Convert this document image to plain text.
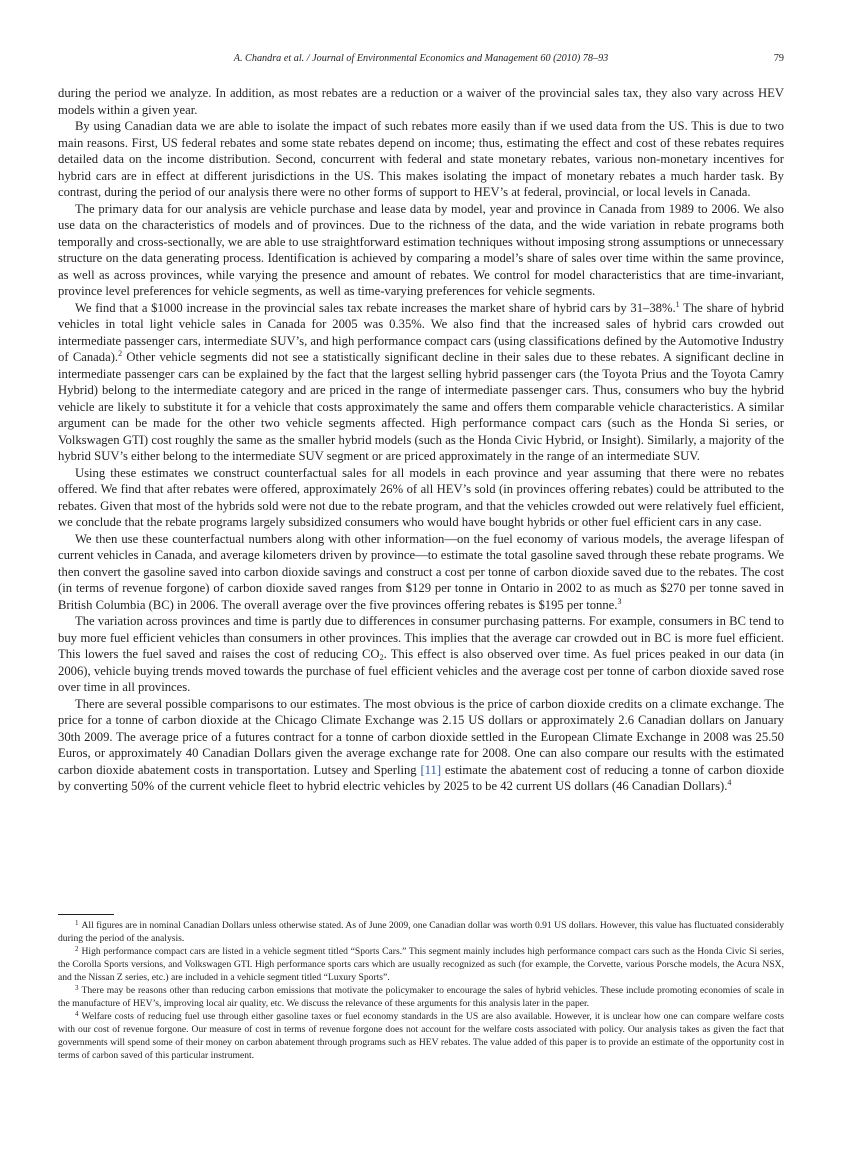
A. Chandra et al. / Journal of Environmental Economics and Management 60 (2010) 78–93	79

during the period we analyze. In addition, as most rebates are a reduction or a waiver of the provincial sales tax, they also vary across HEV models within a given year.

By using Canadian data we are able to isolate the impact of such rebates more easily than if we used data from the US. This is due to two main reasons. First, US federal rebates and some state rebates depend on income; thus, estimating the effect and cost of these rebates requires detailed data on the income distribution. Second, concurrent with federal and state monetary rebates, various non-monetary incentives for hybrid cars are in effect at different jurisdictions in the US. This makes isolating the impact of monetary rebates a much harder task. By contrast, during the period of our analysis there were no other forms of support to HEV’s at federal, provincial, or local levels in Canada.

The primary data for our analysis are vehicle purchase and lease data by model, year and province in Canada from 1989 to 2006. We also use data on the characteristics of models and of provinces. Due to the richness of the data, and the wide variation in rebate programs both temporally and cross-sectionally, we are able to use straightforward estimation techniques without imposing strong assumptions or unnecessary structure on the data generating process. Identification is achieved by comparing a model’s share of sales over time within the same province, as well as across provinces, while varying the presence and amount of rebates. We control for model characteristics that are time-invariant, province level preferences for vehicle segments, as well as time-varying preferences for vehicle segments.

We find that a $1000 increase in the provincial sales tax rebate increases the market share of hybrid cars by 31–38%.$^1$ The share of hybrid vehicles in total light vehicle sales in Canada for 2005 was 0.35%. We also find that the increased sales of hybrid cars crowded out intermediate passenger cars, intermediate SUV’s, and high performance compact cars (using classifications defined by the Automotive Industry of Canada).$^2$ Other vehicle segments did not see a statistically significant decline in their sales due to these rebates. A significant decline in intermediate passenger cars can be explained by the fact that the largest selling hybrid passenger cars (the Toyota Prius and the Toyota Camry Hybrid) belong to the intermediate category and are priced in the range of intermediate passenger cars. Thus, consumers who buy the hybrid vehicle are likely to substitute it for a vehicle that costs approximately the same and offers them comparable vehicle characteristics. A similar argument can be made for the other two vehicle segments affected. High performance compact cars (such as the Honda Si series, or Volkswagen GTI) cost roughly the same as the smaller hybrid models (such as the Honda Civic Hybrid, or Insight). Similarly, a majority of the hybrid SUV’s either belong to the intermediate SUV segment or are priced approximately in the range of an intermediate SUV.

Using these estimates we construct counterfactual sales for all models in each province and year assuming that there were no rebates offered. We find that after rebates were offered, approximately 26% of all HEV’s sold (in provinces offering rebates) could be attributed to the rebates. Given that most of the hybrids sold were not due to the rebate program, and that the vehicles crowded out were relatively fuel efficient, we conclude that the rebate programs largely subsidized consumers who would have bought hybrids or other fuel efficient cars in any case.

We then use these counterfactual numbers along with other information—on the fuel economy of various models, the average lifespan of current vehicles in Canada, and average kilometers driven by province—to estimate the total gasoline saved through these rebate programs. We then convert the gasoline saved into carbon dioxide savings and construct a cost per tonne of carbon dioxide saved due to the rebates. The cost (in terms of revenue forgone) of carbon dioxide saved ranges from $129 per tonne in Ontario in 2002 to as much as $270 per tonne saved in British Columbia (BC) in 2006. The overall average over the five provinces offering rebates is $195 per tonne.$^3$

The variation across provinces and time is partly due to differences in consumer purchasing patterns. For example, consumers in BC tend to buy more fuel efficient vehicles than consumers in other provinces. This implies that the average car crowded out in BC is more fuel efficient. This lowers the fuel saved and raises the cost of reducing $CO_2$. This effect is also observed over time. As fuel prices peaked in our data (in 2006), vehicle buying trends moved towards the purchase of fuel efficient vehicles and the average cost per tonne of carbon dioxide saved rose over time in all provinces.

There are several possible comparisons to our estimates. The most obvious is the price of carbon dioxide credits on a climate exchange. The price for a tonne of carbon dioxide at the Chicago Climate Exchange was 2.15 US dollars or approximately 2.6 Canadian dollars on January 30th 2009. The average price of a futures contract for a tonne of carbon dioxide settled in the European Climate Exchange in 2008 was 25.50 Euros, or approximately 40 Canadian Dollars given the average exchange rate for 2008. One can also compare our results with the estimated carbon dioxide abatement costs in transportation. Lutsey and Sperling [11] estimate the abatement cost of reducing a tonne of carbon dioxide by converting 50% of the current vehicle fleet to hybrid electric vehicles by 2025 to be 42 current US dollars (46 Canadian Dollars).$^4$

$^1$ All figures are in nominal Canadian Dollars unless otherwise stated. As of June 2009, one Canadian dollar was worth 0.91 US dollars. However, this value has fluctuated considerably during the period of the analysis.

$^2$ High performance compact cars are listed in a vehicle segment titled “Sports Cars.” This segment mainly includes high performance compact cars such as the Honda Civic Si series, the Corolla Sports versions, and Volkswagen GTI. High performance sports cars which are usually recognized as such (for example, the Corvette, various Porsche models, the Acura NSX, and the Nissan Z series, etc.) are included in a vehicle segment titled “Luxury Sports”.

$^3$ There may be reasons other than reducing carbon emissions that motivate the policymaker to encourage the sales of hybrid vehicles. These include promoting economies of scale in the manufacture of HEV’s, improving local air quality, etc. We discuss the relevance of these arguments for this analysis later in the paper.

$^4$ Welfare costs of reducing fuel use through either gasoline taxes or fuel economy standards in the US are also available. However, it is unclear how one can compare welfare costs with our cost of revenue forgone. Our measure of cost in terms of revenue forgone does not account for the welfare costs associated with policy. Our analysis takes as given the fact that governments will spend some of their money on carbon abatement through programs such as HEV rebates. The value added of this paper is to provide an estimate of the opportunity cost in terms of carbon saved of this particular instrument.
